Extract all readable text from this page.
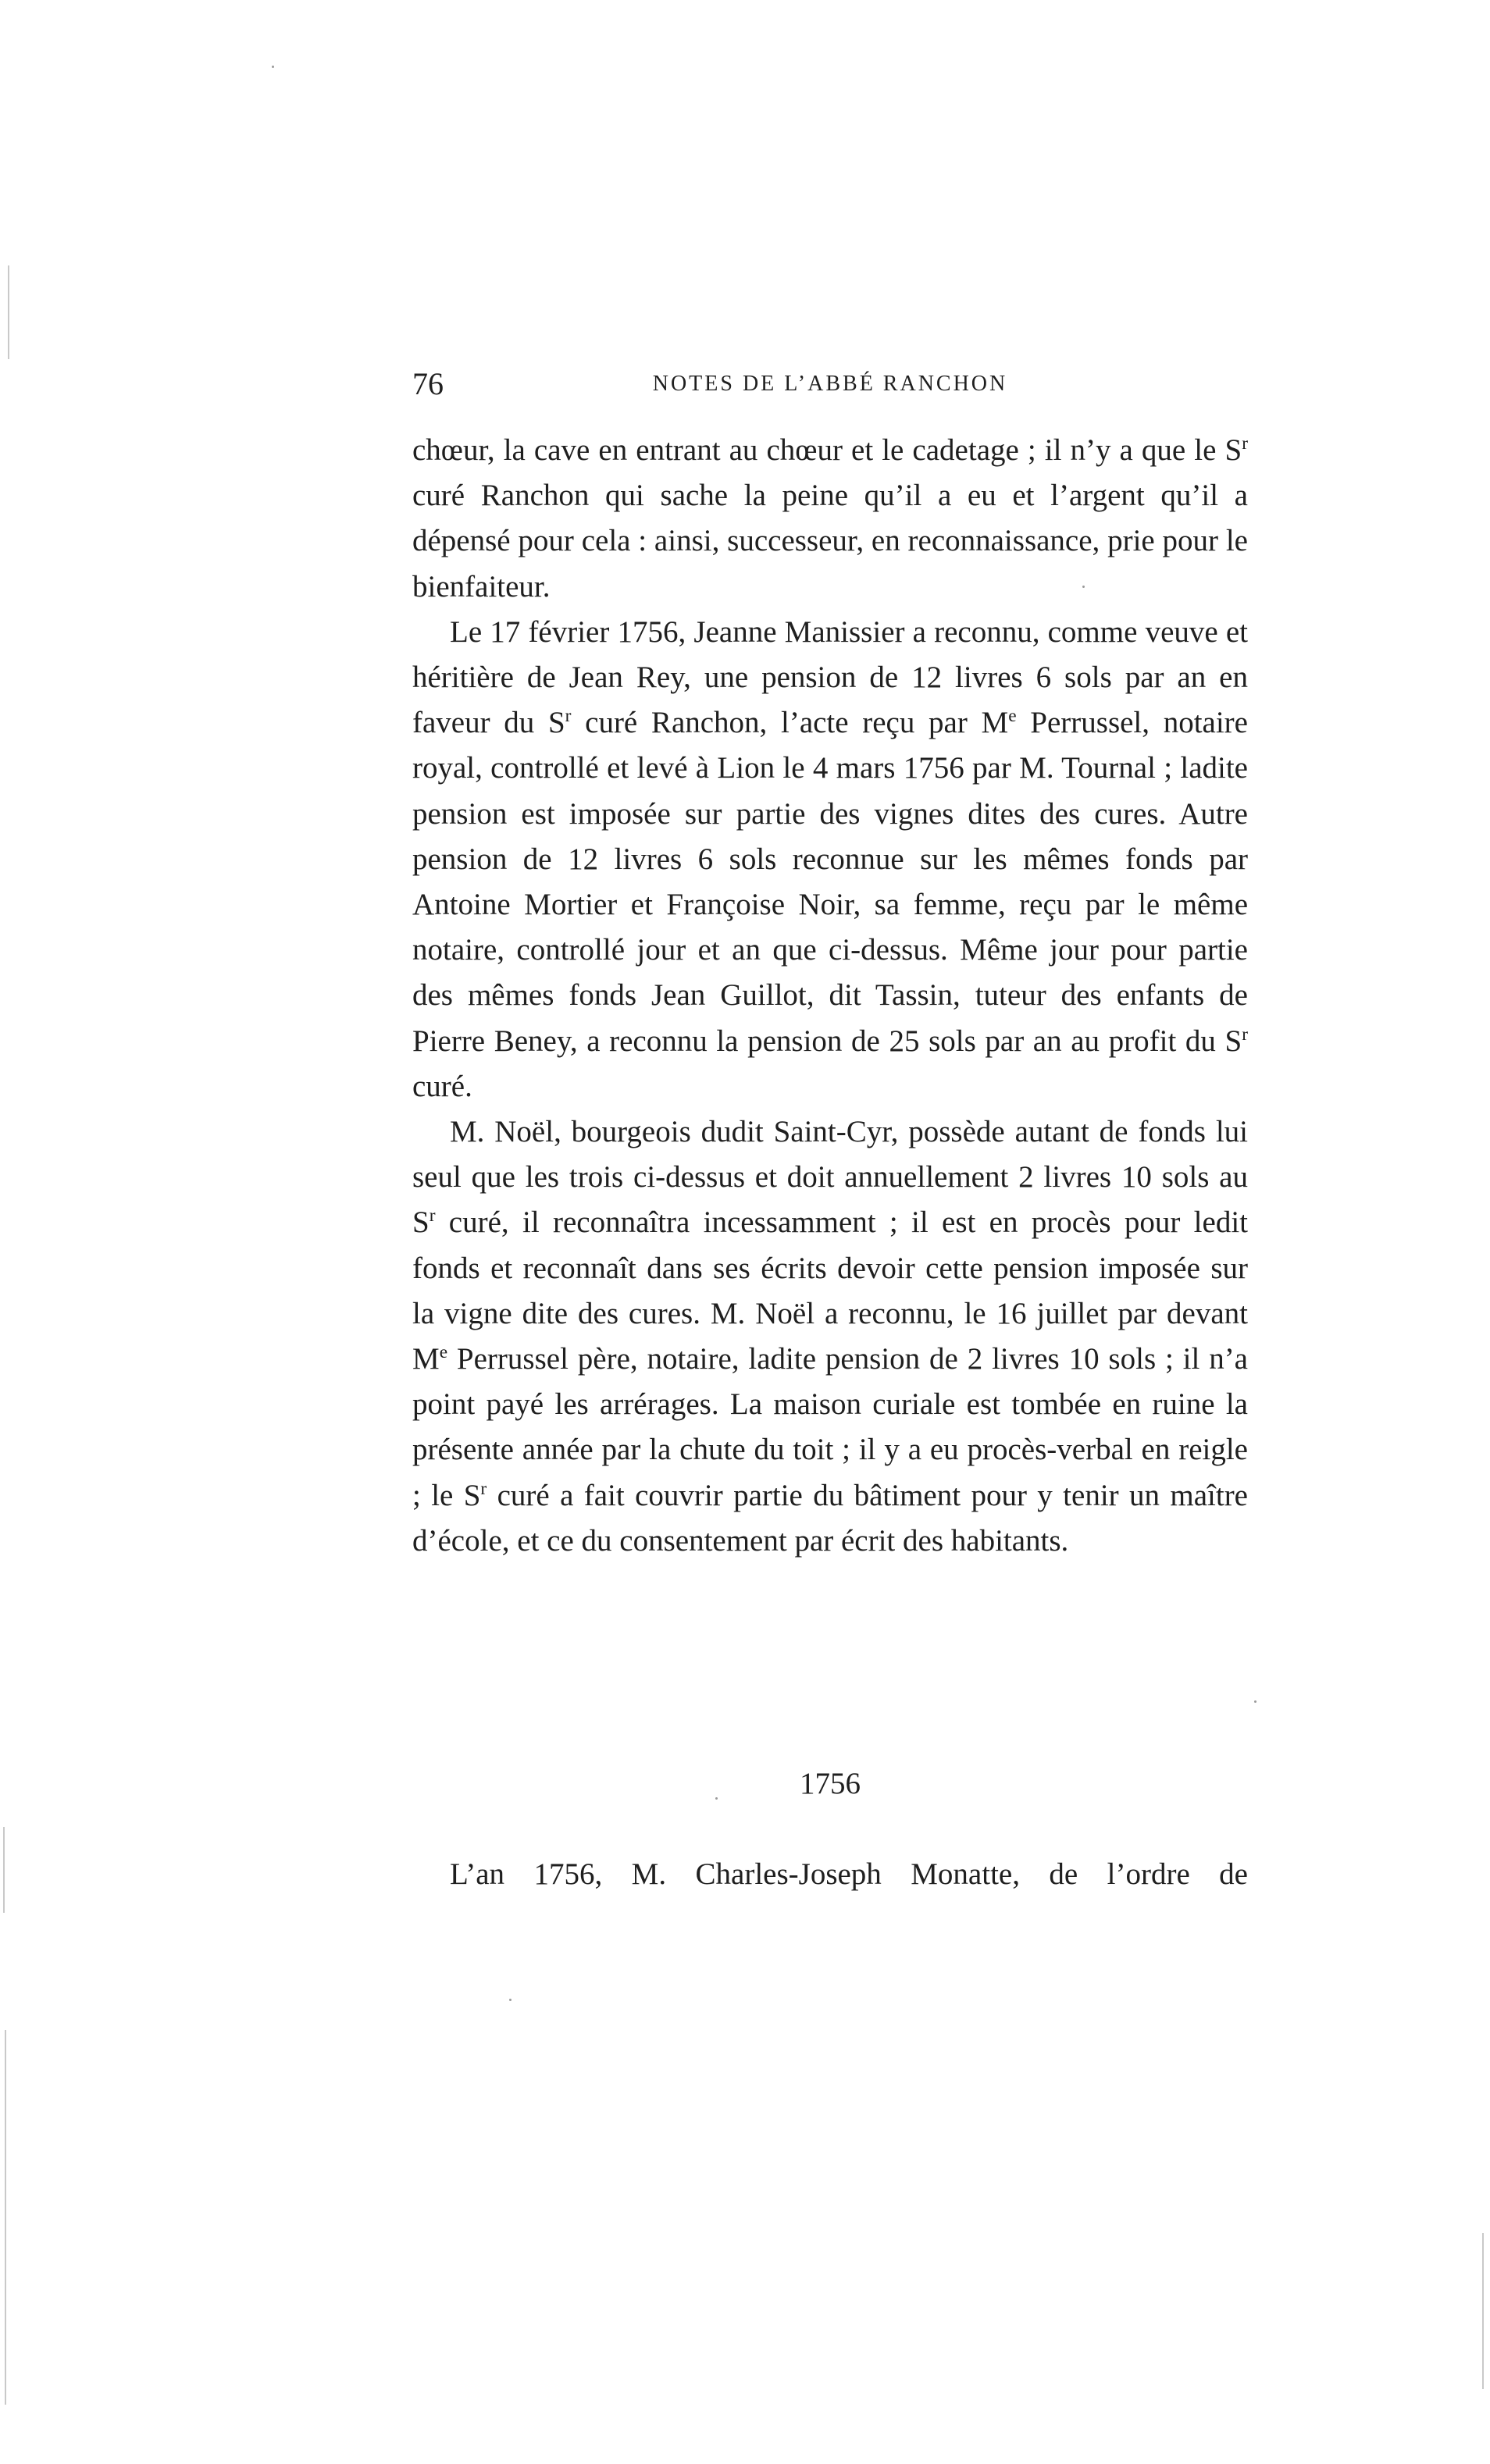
76	NOTES DE L’ABBÉ RANCHON

chœur, la cave en entrant au chœur et le cadetage ; il n’y a que le $S^r$ curé Ranchon qui sache la peine qu’il a eu et l’argent qu’il a dépensé pour cela : ainsi, successeur, en reconnaissance, prie pour le bienfaiteur.

Le 17 février 1756, Jeanne Manissier a reconnu, comme veuve et héritière de Jean Rey, une pension de 12 livres 6 sols par an en faveur du $S^r$ curé Ranchon, l’acte reçu par Me Perrussel, notaire royal, controllé et levé à Lion le 4 mars 1756 par M. Tournal ; ladite pension est imposée sur partie des vignes dites des cures. Autre pension de 12 livres 6 sols reconnue sur les mêmes fonds par Antoine Mortier et Françoise Noir, sa femme, reçu par le même notaire, controllé jour et an que ci-dessus. Même jour pour partie des mêmes fonds Jean Guillot, dit Tassin, tuteur des enfants de Pierre Beney, a reconnu la pension de 25 sols par an au profit du $S^r$ curé.

M. Noël, bourgeois dudit Saint-Cyr, possède autant de fonds lui seul que les trois ci-dessus et doit annuellement 2 livres 10 sols au $S^r$ curé, il reconnaîtra incessamment ; il est en procès pour ledit fonds et reconnaît dans ses écrits devoir cette pension imposée sur la vigne dite des cures. M. Noël a reconnu, le 16 juillet par devant Me Perrussel père, notaire, ladite pension de 2 livres 10 sols ; il n’a point payé les arrérages. La maison curiale est tombée en ruine la présente année par la chute du toit ; il y a eu procès-verbal en reigle ; le $S^r$ curé a fait couvrir partie du bâtiment pour y tenir un maître d’école, et ce du consentement par écrit des habitants.

1756

L’an 1756, M. Charles-Joseph Monatte, de l’ordre de
